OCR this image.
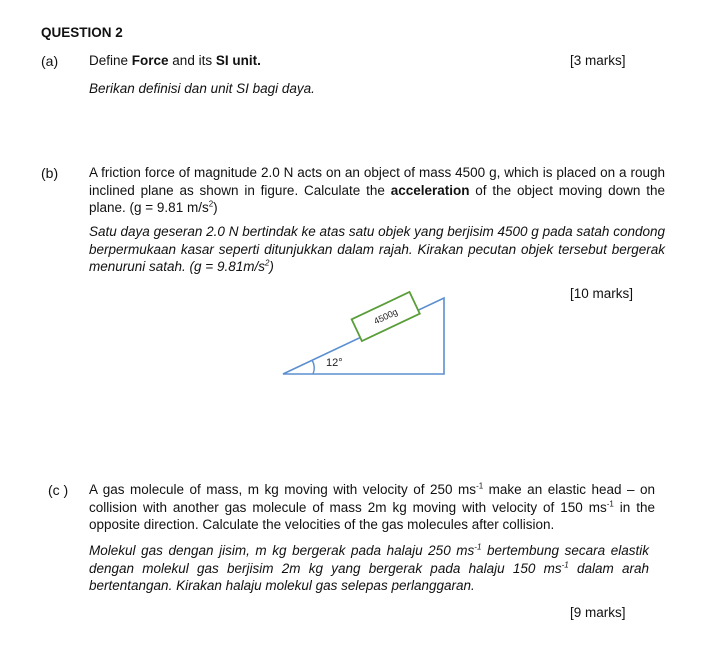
QUESTION 2
(a) Define Force and its SI unit.	[3 marks]
Berikan definisi dan unit SI bagi daya.
(b) A friction force of magnitude 2.0 N acts on an object of mass 4500 g, which is placed on a rough inclined plane as shown in figure. Calculate the acceleration of the object moving down the plane. (g = 9.81 $m/s^2$)
Satu daya geseran 2.0 N bertindak ke atas satu objek yang berjisim 4500 g pada satah condong berpermukaan kasar seperti ditunjukkan dalam rajah. Kirakan pecutan objek tersebut bergerak menuruni satah. $(g = 9.81m/s^2)$
[10 marks]
4500g
12°
(c ) A gas molecule of mass, m kg moving with velocity of 250 $ms^{-1}$ make an elastic head – on collision with another gas molecule of mass 2m kg moving with velocity of 150 $ms^{-1}$ in the opposite direction. Calculate the velocities of the gas molecules after collision.
Molekul gas dengan jisim, m kg bergerak pada halaju 250 $ms^{-1}$ bertembung secara elastik dengan molekul gas berjisim 2m kg yang bergerak pada halaju 150 $ms^{-1}$ dalam arah bertentangan. Kirakan halaju molekul gas selepas perlanggaran.
[9 marks]
